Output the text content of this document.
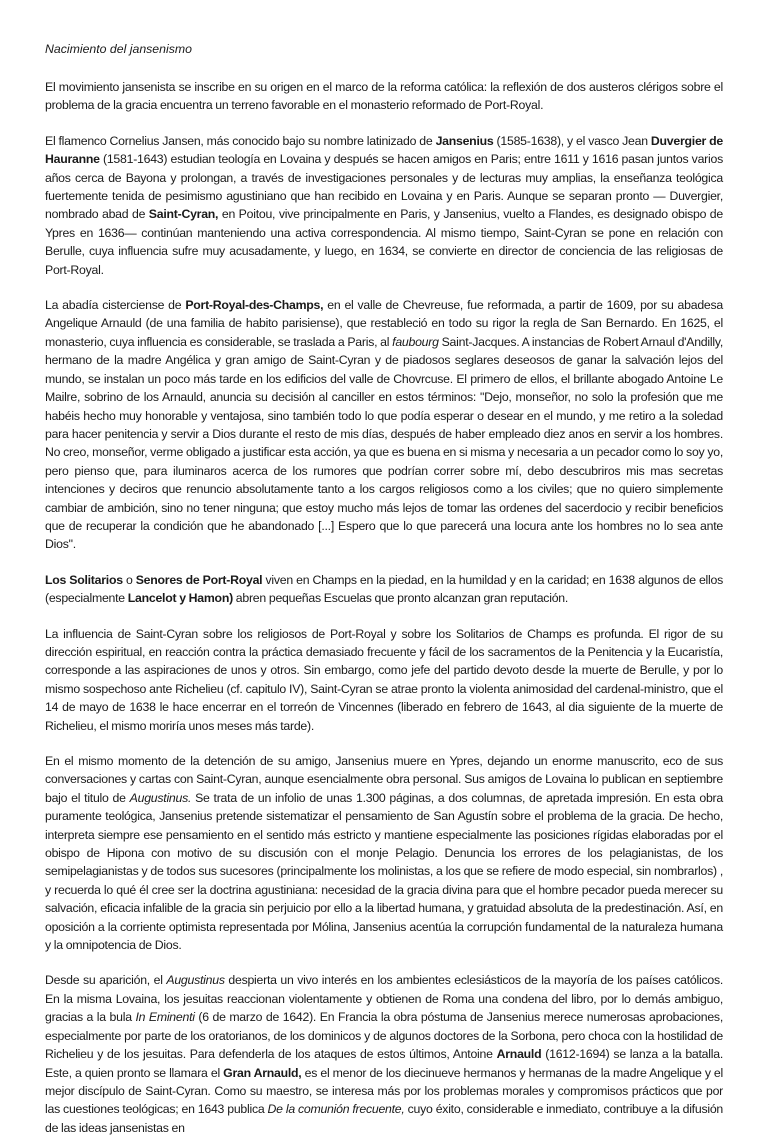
Nacimiento del jansenismo

El movimiento jansenista se inscribe en su origen en el marco de la reforma católica: la reflexión de dos austeros clérigos sobre el problema de la gracia encuentra un terreno favorable en el monasterio reformado de Port-Royal.

El flamenco Cornelius Jansen, más conocido bajo su nombre latinizado de Jansenius (1585-1638), y el vasco Jean Duvergier de Hauranne (1581-1643) estudian teología en Lovaina y después se hacen amigos en Paris; entre 1611 y 1616 pasan juntos varios años cerca de Bayona y prolongan, a través de investigaciones personales y de lecturas muy amplias, la enseñanza teológica fuertemente tenida de pesimismo agustiniano que han recibido en Lovaina y en Paris. Aunque se separan pronto — Duvergier, nombrado abad de Saint-Cyran, en Poitou, vive principalmente en Paris, y Jansenius, vuelto a Flandes, es designado obispo de Ypres en 1636— continúan manteniendo una activa correspondencia. Al mismo tiempo, Saint-Cyran se pone en relación con Berulle, cuya influencia sufre muy acusadamente, y luego, en 1634, se convierte en director de conciencia de las religiosas de Port-Royal.

La abadía cisterciense de Port-Royal-des-Champs, en el valle de Chevreuse, fue reformada, a partir de 1609, por su abadesa Angelique Arnauld (de una familia de habito parisiense), que restableció en todo su rigor la regla de San Bernardo. En 1625, el monasterio, cuya influencia es considerable, se traslada a Paris, al faubourg Saint-Jacques. A instancias de Robert Arnaul d'Andilly, hermano de la madre Angélica y gran amigo de Saint-Cyran y de piadosos seglares deseosos de ganar la salvación lejos del mundo, se instalan un poco más tarde en los edificios del valle de Chovrcuse. El primero de ellos, el brillante abogado Antoine Le Mailre, sobrino de los Arnauld, anuncia su decisión al canciller en estos términos: "Dejo, monseñor, no solo la profesión que me habéis hecho muy honorable y ventajosa, sino también todo lo que podía esperar o desear en el mundo, y me retiro a la soledad para hacer penitencia y servir a Dios durante el resto de mis días, después de haber empleado diez anos en servir a los hombres. No creo, monseñor, verme obligado a justificar esta acción, ya que es buena en si misma y necesaria a un pecador como lo soy yo, pero pienso que, para iluminaros acerca de los rumores que podrían correr sobre mí, debo descubriros mis mas secretas intenciones y deciros que renuncio absolutamente tanto a los cargos religiosos como a los civiles; que no quiero simplemente cambiar de ambición, sino no tener ninguna; que estoy mucho más lejos de tomar las ordenes del sacerdocio y recibir beneficios que de recuperar la condición que he abandonado [...] Espero que lo que parecerá una locura ante los hombres no lo sea ante Dios".

Los Solitarios o Senores de Port-Royal viven en Champs en la piedad, en la humildad y en la caridad; en 1638 algunos de ellos (especialmente Lancelot y Hamon) abren pequeñas Escuelas que pronto alcanzan gran reputación.

La influencia de Saint-Cyran sobre los religiosos de Port-Royal y sobre los Solitarios de Champs es profunda. El rigor de su dirección espiritual, en reacción contra la práctica demasiado frecuente y fácil de los sacramentos de la Penitencia y la Eucaristía, corresponde a las aspiraciones de unos y otros. Sin embargo, como jefe del partido devoto desde la muerte de Berulle, y por lo mismo sospechoso ante Richelieu (cf. capitulo IV), Saint-Cyran se atrae pronto la violenta animosidad del cardenal-ministro, que el 14 de mayo de 1638 le hace encerrar en el torreón de Vincennes (liberado en febrero de 1643, al dia siguiente de la muerte de Richelieu, el mismo moriría unos meses más tarde).

En el mismo momento de la detención de su amigo, Jansenius muere en Ypres, dejando un enorme manuscrito, eco de sus conversaciones y cartas con Saint-Cyran, aunque esencialmente obra personal. Sus amigos de Lovaina lo publican en septiembre bajo el titulo de Augustinus. Se trata de un infolio de unas 1.300 páginas, a dos columnas, de apretada impresión. En esta obra puramente teológica, Jansenius pretende sistematizar el pensamiento de San Agustín sobre el problema de la gracia. De hecho, interpreta siempre ese pensamiento en el sentido más estricto y mantiene especialmente las posiciones rígidas elaboradas por el obispo de Hipona con motivo de su discusión con el monje Pelagio. Denuncia los errores de los pelagianistas, de los semipelagianistas y de todos sus sucesores (principalmente los molinistas, a los que se refiere de modo especial, sin nombrarlos) , y recuerda lo qué él cree ser la doctrina agustiniana: necesidad de la gracia divina para que el hombre pecador pueda merecer su salvación, eficacia infalible de la gracia sin perjuicio por ello a la libertad humana, y gratuidad absoluta de la predestinación. Así, en oposición a la corriente optimista representada por Mólina, Jansenius acentúa la corrupción fundamental de la naturaleza humana y la omnipotencia de Dios.

Desde su aparición, el Augustinus despierta un vivo interés en los ambientes eclesiásticos de la mayoría de los países católicos. En la misma Lovaina, los jesuitas reaccionan violentamente y obtienen de Roma una condena del libro, por lo demás ambiguo, gracias a la bula In Eminenti (6 de marzo de 1642). En Francia la obra póstuma de Jansenius merece numerosas aprobaciones, especialmente por parte de los oratorianos, de los dominicos y de algunos doctores de la Sorbona, pero choca con la hostilidad de Richelieu y de los jesuitas. Para defenderla de los ataques de estos últimos, Antoine Arnauld (1612-1694) se lanza a la batalla. Este, a quien pronto se llamara el Gran Arnauld, es el menor de los diecinueve hermanos y hermanas de la madre Angelique y el mejor discípulo de Saint-Cyran. Como su maestro, se interesa más por los problemas morales y compromisos prácticos que por las cuestiones teológicas; en 1643 publica De la comunión frecuente, cuyo éxito, considerable e inmediato, contribuye a la difusión de las ideas jansenistas en
